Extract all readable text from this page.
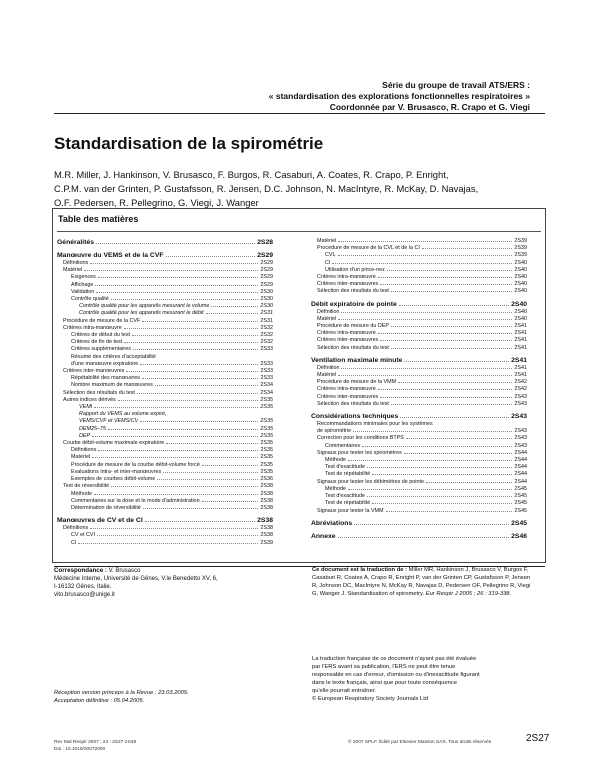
Série du groupe de travail ATS/ERS :
« standardisation des explorations fonctionnelles respiratoires »
Coordonnée par V. Brusasco, R. Crapo et G. Viegi
Standardisation de la spirométrie
M.R. Miller, J. Hankinson, V. Brusasco, F. Burgos, R. Casaburi, A. Coates, R. Crapo, P. Enright,
C.P.M. van der Grinten, P. Gustafsson, R. Jensen, D.C. Johnson, N. MacIntyre, R. McKay, D. Navajas,
O.F. Pedersen, R. Pellegrino, G. Viegi, J. Wanger
Table des matières
Généralités	2S28
Manœuvre du VEMS et de la CVF	2S29
Définitions	2S29
Matériel	2S29
Exigences	2S29
Affichage	2S29
Validation	2S30
Contrôle qualité	2S30
Contrôle qualité pour les appareils mesurant le volume	2S30
Contrôle qualité pour les appareils mesurant le débit	2S31
Procédure de mesure de la CVF	2S31
Critères intra-manœuvre	2S32
Critères de début du test	2S32
Critères de fin de test	2S32
Critères supplémentaires	2S33
Résumé des critères d'acceptabilité
d'une manœuvre expiratoire	2S33
Critères inter-manœuvres	2S33
Répétabilité des manœuvres	2S33
Nombre maximum de manœuvres	2S34
Sélection des résultats du test	2S34
Autres indices dérivés	2S35
VEMt	2S35
Rapport du VEMS au volume expiré,
VEMS/CVF et VEMS/CV	2S35
DEM25–75	2S35
DEP	2S35
Courbe débit-volume maximale expiratoire	2S35
Définitions	2S35
Matériel	2S35
Procédure de mesure de la courbe débit-volume forcé	2S35
Évaluations intra- et inter-manœuvres	2S35
Exemples de courbes débit-volume	2S36
Test de réversibilité	2S38
Méthode	2S38
Commentaires sur la dose et le mode d'administration	2S38
Détermination de réversibilité	2S38
Manœuvres de CV et de CI	2S38
Définitions	2S38
CV et CVI	2S38
CI	2S39
Matériel	2S39
Procédure de mesure de la CVL et de la CI	2S39
CVL	2S39
CI	2S40
Utilisation d'un pince-nez	2S40
Critères intra-manœuvre	2S40
Critères inter-manœuvres	2S40
Sélection des résultats du test	2S40
Débit expiratoire de pointe	2S40
Définition	2S40
Matériel	2S40
Procédure de mesure du DEP	2S41
Critères intra-manœuvre	2S41
Critères inter-manœuvres	2S41
Sélection des résultats du test	2S41
Ventilation maximale minute	2S41
Définition	2S41
Matériel	2S41
Procédure de mesure de la VMM	2S42
Critères intra-manœuvre	2S42
Critères inter-manœuvres	2S43
Sélection des résultats du test	2S43
Considérations techniques	2S43
Recommandations minimales pour les systèmes
de spirométrie	2S43
Correction pour les conditions BTPS	2S43
Commentaires	2S43
Signaux pour tester les spiromètres	2S44
Méthode	2S44
Test d'exactitude	2S44
Test de répétabilité	2S44
Signaux pour tester les débimètres de pointe	2S44
Méthode	2S45
Test d'exactitude	2S45
Test de répétabilité	2S45
Signaux pour tester la VMM	2S45
Abréviations	2S45
Annexe	2S46
Correspondance : V. Brusasco
Médecine Interne, Université de Gênes, V.le Benedetto XV, 6,
I-16132 Gênes, Italie.
vito.brusasco@unige.it
Ce document est la traduction de : Miller MR, Hankinson J, Brusasco V, Burgos F, Casaburi R, Coates A, Crapo R, Enright P, van der Grinten CP, Gustafsson P, Jensen R, Johnson DC, MacIntyre N, McKay R, Navajas D, Pedersen OF, Pellegrino R, Viegi G, Wanger J. Standardisation of spirometry. Eur Respir J 2005 ; 26 : 319-338.
La traduction française de ce document n'ayant pas été évaluée
par l'ERS avant sa publication, l'ERS ne peut être tenue
responsable en cas d'erreur, d'omission ou d'inexactitude figurant
dans le texte français, ainsi que pour toute conséquence
qu'elle pourrait entraîner.
© European Respiratory Society Journals Ltd
Réception version princeps à la Revue : 23.03.2005.
Acceptation définitive : 05.04.2005.
Rev Mal Respir 2007 ; 24 : 2S27-2S49
Doi : 10.1019/20072000
© 2007 SPLF. Édité par Elsevier Masson SAS. Tous droits réservés	2S27
